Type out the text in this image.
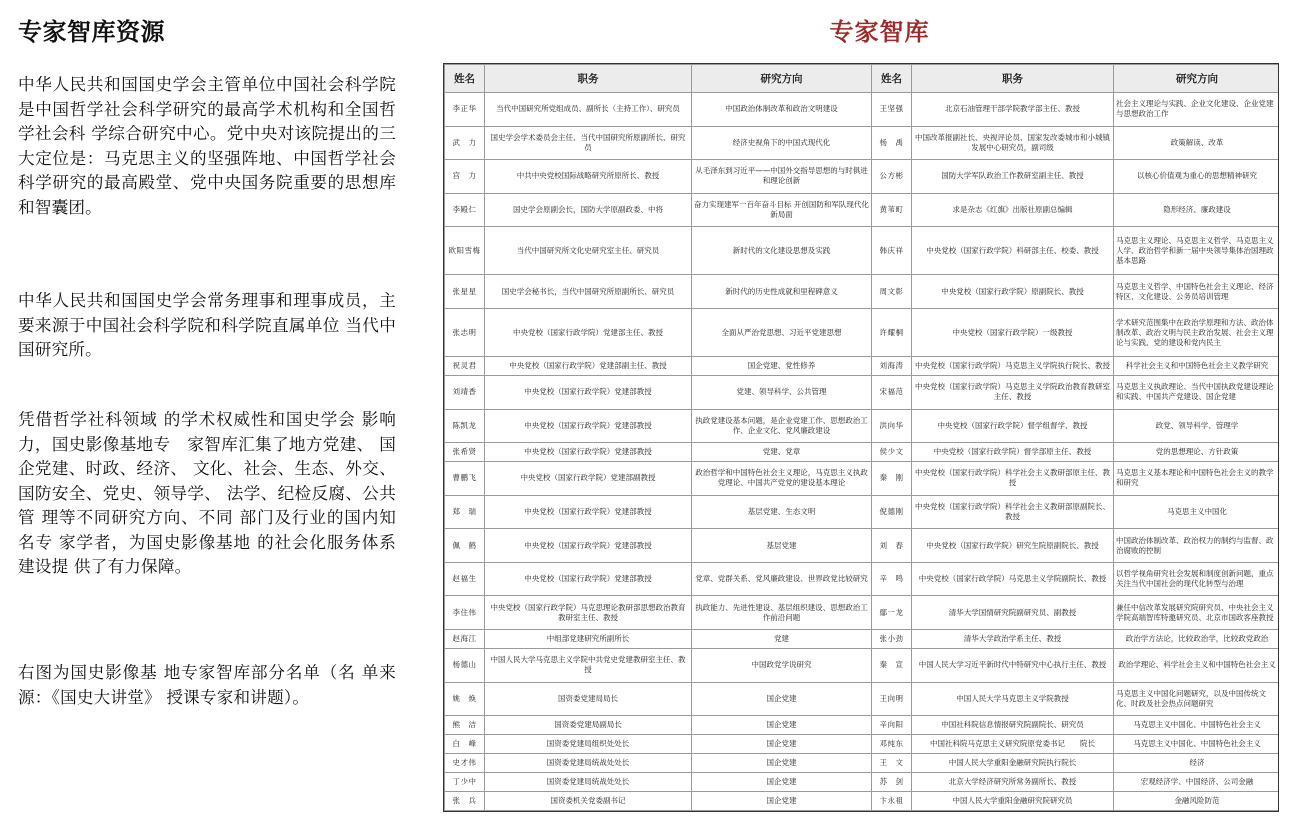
专家智库资源

中华人民共和国国史学会主管单位中国社会科学院是中国哲学社会科学研究的最高学术机构和全国哲学社会科 学综合研究中心。党中央对该院提出的三大定位是：马克思主义的坚强阵地、中国哲学社会科学研究的最高殿堂、党中央国务院重要的思想库和智囊团。

中华人民共和国国史学会常务理事和理事成员，主要来源于中国社会科学院和科学院直属单位 当代中国研究所。

凭借哲学社科领域 的学术权威性和国史学会 影响力，国史影像基地专　家智库汇集了地方党建、 国企党建、时政、经济、 文化、社会、生态、外交、 国防安全、党史、领导学、 法学、纪检反腐、公共管 理等不同研究方向、不同 部门及行业的国内知名专 家学者，为国史影像基地 的社会化服务体系建设提 供了有力保障。

右图为国史影像基 地专家智库部分名单（名 单来源：《国史大讲堂》 授课专家和讲题）。

专家智库
姓名	职务	研究方向	姓名	职务	研究方向
李正华	当代中国研究所党组成员、副所长（主持工作）、研究员	中国政治体制改革和政治文明建设	王坚强	北京石油管理干部学院教学部主任、教授	社会主义理论与实践、企业文化建设、企业党建与思想政治工作
武　力	国史学会学术委员会主任、当代中国研究所原副所长、研究员	经济史视角下的中国式现代化	杨　禹	中国改革报副社长、央视评论员、国家发改委城市和小城镇发展中心研究员，副司级	政策解读、改革
宫　力	中共中央党校国际战略研究所原所长、教授	从毛泽东到习近平——中国外交指导思想的与时俱进和理论创新	公方彬	国防大学军队政治工作教研室副主任、教授	以核心价值观为重心的思想精神研究
李殿仁	国史学会原副会长，国防大学原副政委、中将	奋力实现建军一百年奋斗目标 开创国防和军队现代化新局面	黄苇町	求是杂志《红旗》出版社原副总编辑	隐形经济、廉政建设
欧阳雪梅	当代中国研究所文化史研究室主任、研究员	新时代的文化建设思想及实践	韩庆祥	中央党校（国家行政学院）科研部主任、校委、教授	马克思主义理论、马克思主义哲学、马克思主义人学、政治哲学和新一届中央领导集体治国理政基本思路
张星星	国史学会秘书长，当代中国研究所原副所长、研究员	新时代的历史性成就和里程碑意义	周文彰	中央党校（国家行政学院）原副院长、教授	马克思主义哲学、中国特色社会主义理论、经济特区、文化建设、公务员培训管理
张志明	中央党校（国家行政学院）党建部主任、教授	全面从严治党思想、习近平党建思想	许耀桐	中央党校（国家行政学院）一级教授	学术研究范围集中在政治学原理和方法、政治体制改革、政治文明与民主政治发展、社会主义理论与实践、党的建设和党内民主
祝灵君	中央党校（国家行政学院）党建部副主任、教授	国企党建、党性修养	刘海涛	中央党校（国家行政学院）马克思主义学院执行院长、教授	科学社会主义和中国特色社会主义教学研究
刘靖香	中央党校（国家行政学院）党建部教授	党建、领导科学、公共管理	宋福范	中央党校（国家行政学院）马克思主义学院政治教育教研室主任、教授	马克思主义执政理论、当代中国执政党建设理论和实践、中国共产党建设、国企党建
陈凯龙	中央党校（国家行政学院）党建部教授	执政党建设基本问题，是企业党建工作、思想政治工作、企业文化、党风廉政建设	洪向华	中央党校（国家行政学院）督学组督学、教授	政党、领导科学、管理学
张希贤	中央党校（国家行政学院）党建部教授	党建、党章	侯少文	中央党校（国家行政学院）督学部原主任、教授	党的思想理论、方针政策
曹鹏飞	中央党校（国家行政学院）党建部副教授	政治哲学和中国特色社会主义理论，马克思主义执政党理论、中国共产党党的建设基本理论	秦　刚	中央党校（国家行政学院）科学社会主义教研部原主任、教授	马克思主义基本理论和中国特色社会主义的教学和研究
郑　瑞	中央党校（国家行政学院）党建部教授	基层党建、生态文明	倪德刚	中央党校（国家行政学院）科学社会主义教研部原副院长、教授	马克思主义中国化
佩　鹤	中央党校（国家行政学院）党建部教授	基层党建	刘　春	中央党校（国家行政学院）研究生院原副院长、教授	中国政治体制改革、政治权力的制约与监督、政治腐败的控制
赵福生	中央党校（国家行政学院）党建部教授	党章、党群关系、党风廉政建设、世界政党比较研究	辛　鸣	中央党校（国家行政学院）马克思主义学院副院长、教授	以哲学视角研究社会发展和制度创新问题，重点关注当代中国社会的现代化转型与治理
李住伟	中央党校（国家行政学院）马克思理论教研部思想政治教育教研室主任、教授	执政能力、先进性建设、基层组织建设、思想政治工作前沿问题	鄢一龙	清华大学国情研究院副研究员、副教授	兼任中信改革发展研究院研究员、中央社会主义学院高端智库特邀研究员、北京市国政客座教授
赵海江	中组部党建研究所副所长	党建	张小劲	清华大学政治学系主任、教授	政治学方法论，比较政治学，比较政党政治
杨德山	中国人民大学马克思主义学院中共党史党建教研室主任、教授	中国政党学说研究	秦　宣	中国人民大学习近平新时代中特研究中心执行主任、教授	政治学理论、科学社会主义和中国特色社会主义
姚　焕	国资委党建局局长	国企党建	王向明	中国人民大学马克思主义学院教授	马克思主义中国化问题研究，以及中国传统文化、时政及社会热点问题研究
熊　洁	国资委党建局副局长	国企党建	辛向阳	中国社科院信息情报研究院副院长、研究员	马克思主义中国化、中国特色社会主义
白　峰	国资委党建局组织处处长	国企党建	邓纯东	中国社科院马克思主义研究院原党委书记　　院长	马克思主义中国化、中国特色社会主义
史才伟	国资委党建局统战处处长	国企党建	王　文	中国人民大学重阳金融研究院执行院长	经济
丁少中	国资委党建局统战处处长	国企党建	苏　剑	北京大学经济研究所常务副所长、教授	宏观经济学、中国经济、公司金融
张　兵	国资委机关党委副书记	国企党建	卞永祖	中国人民大学重阳金融研究院研究员	金融风险防范
